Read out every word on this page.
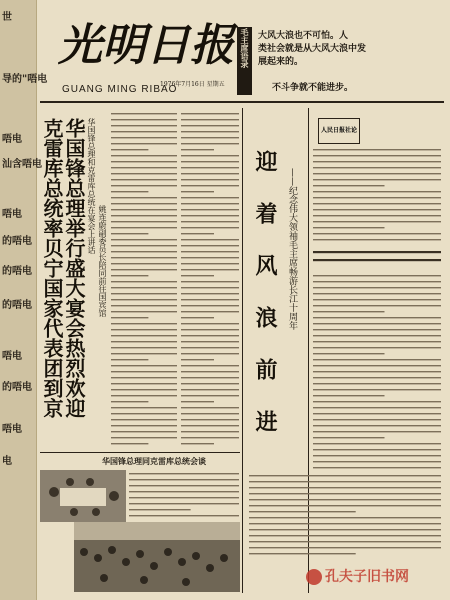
世
导的"唔电
唔电
汕含唔电
唔电
的唔电
的唔电
的唔电
唔电
的唔电
唔电
电
光明日报
GUANG MING RIBAO
1976年7月16日 星期五
毛主席语录 大风大浪也不可怕。人
类社会就是从大风大浪中发
展起来的。
不斗争就不能进步。
克雷库总统率贝宁国家代表团到京
华国锋总理举行盛大宴会热烈欢迎 华国锋总理和克雷库总统在宴会上讲话
姚连蔚副委员长陪同前往国宾馆
华国锋总理同克雷库总统会谈
迎
着
风
浪
前
进
——纪念伟大领袖毛主席畅游长江十周年
人民日报社论
孔夫子旧书网
